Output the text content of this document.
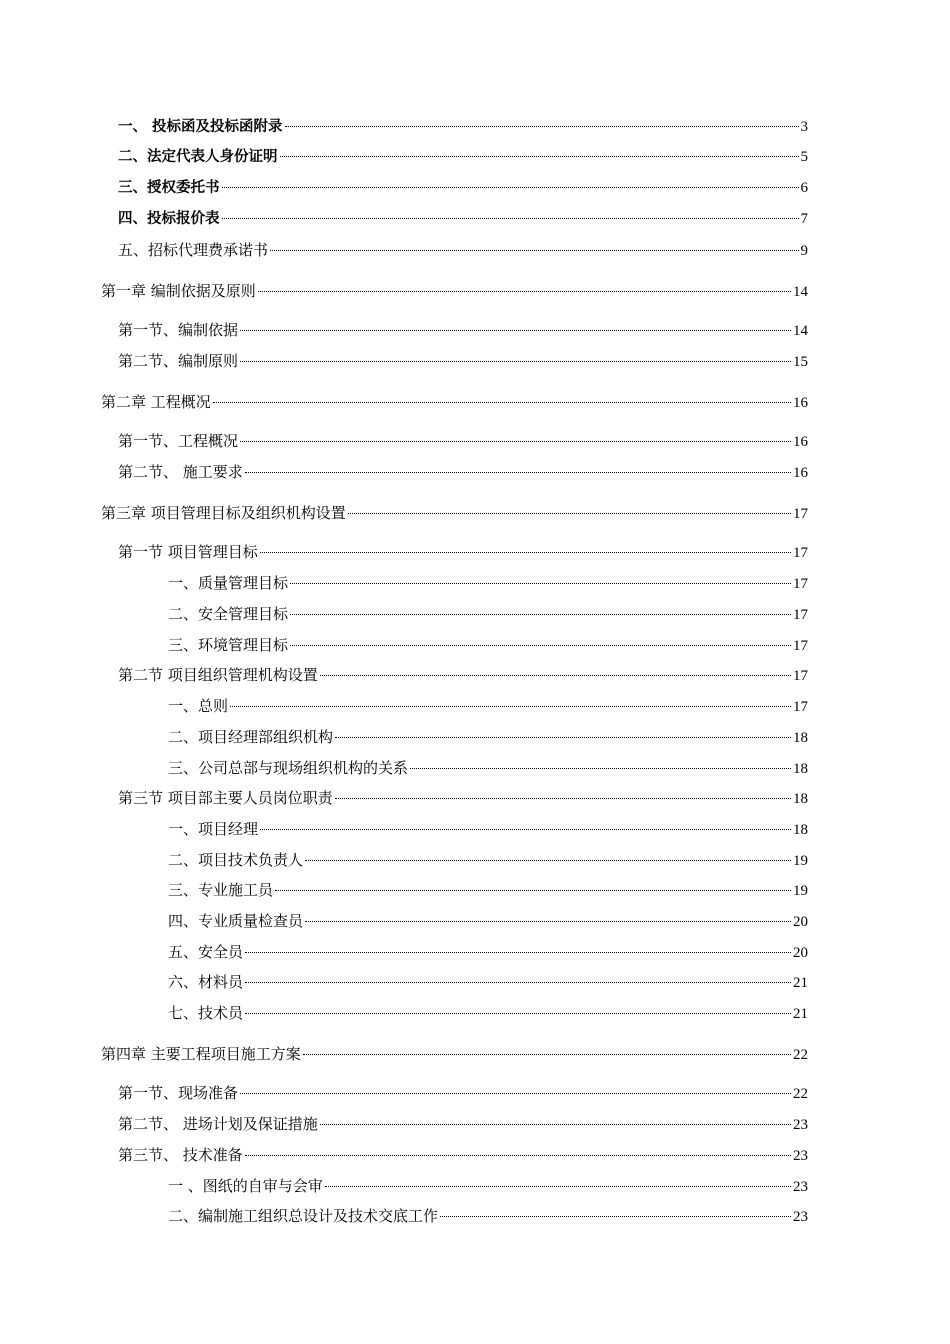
一、 投标函及投标函附录	3
二、法定代表人身份证明	5
三、授权委托书	6
四、投标报价表	7
五、招标代理费承诺书	9
第一章 编制依据及原则	14
第一节、编制依据	14
第二节、编制原则	15
第二章 工程概况	16
第一节、工程概况	16
第二节、 施工要求	16
第三章 项目管理目标及组织机构设置	17
第一节 项目管理目标	17
一、质量管理目标	17
二、安全管理目标	17
三、环境管理目标	17
第二节 项目组织管理机构设置	17
一、总则	17
二、项目经理部组织机构	18
三、公司总部与现场组织机构的关系	18
第三节 项目部主要人员岗位职责	18
一、项目经理	18
二、项目技术负责人	19
三、专业施工员	19
四、专业质量检查员	20
五、安全员	20
六、材料员	21
七、技术员	21
第四章 主要工程项目施工方案	22
第一节、现场准备	22
第二节、 进场计划及保证措施	23
第三节、 技术准备	23
一 、图纸的自审与会审	23
二、编制施工组织总设计及技术交底工作	23
